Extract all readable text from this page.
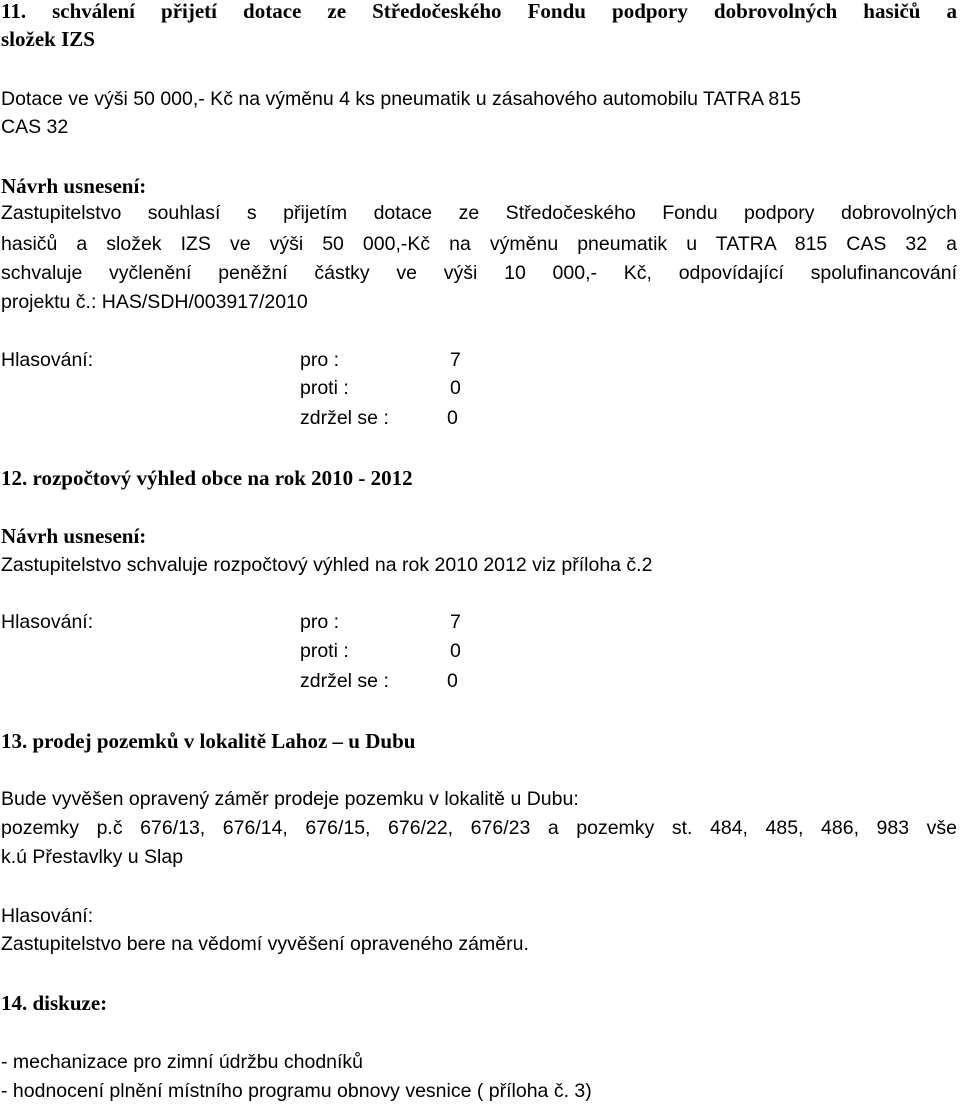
11. schválení přijetí dotace ze Středočeského Fondu podpory dobrovolných hasičů a
složek IZS
Dotace ve výši 50 000,- Kč na výměnu 4 ks pneumatik u zásahového automobilu TATRA 815
CAS 32
Návrh usnesení:
Zastupitelstvo souhlasí s přijetím dotace ze Středočeského Fondu podpory dobrovolných
hasičů a složek IZS ve výši 50 000,-Kč na výměnu pneumatik u TATRA 815 CAS 32 a
schvaluje vyčlenění peněžní částky ve výši 10 000,- Kč, odpovídající spolufinancování
projektu č.: HAS/SDH/003917/2010
Hlasování:	pro :	7
proti :	0
zdržel se :	0
12. rozpočtový výhled obce na rok 2010 - 2012
Návrh usnesení:
Zastupitelstvo schvaluje rozpočtový výhled na rok 2010 2012 viz příloha č.2
Hlasování:	pro :	7
proti :	0
zdržel se :	0
13. prodej pozemků v lokalitě Lahoz – u Dubu
Bude vyvěšen opravený záměr prodeje pozemku v lokalitě u Dubu:
pozemky p.č 676/13, 676/14, 676/15, 676/22, 676/23 a pozemky st. 484, 485, 486, 983 vše
k.ú Přestavlky u Slap
Hlasování:
Zastupitelstvo bere na vědomí vyvěšení opraveného záměru.
14. diskuze:
- mechanizace pro zimní údržbu chodníků
- hodnocení plnění místního programu obnovy vesnice ( příloha č. 3)
